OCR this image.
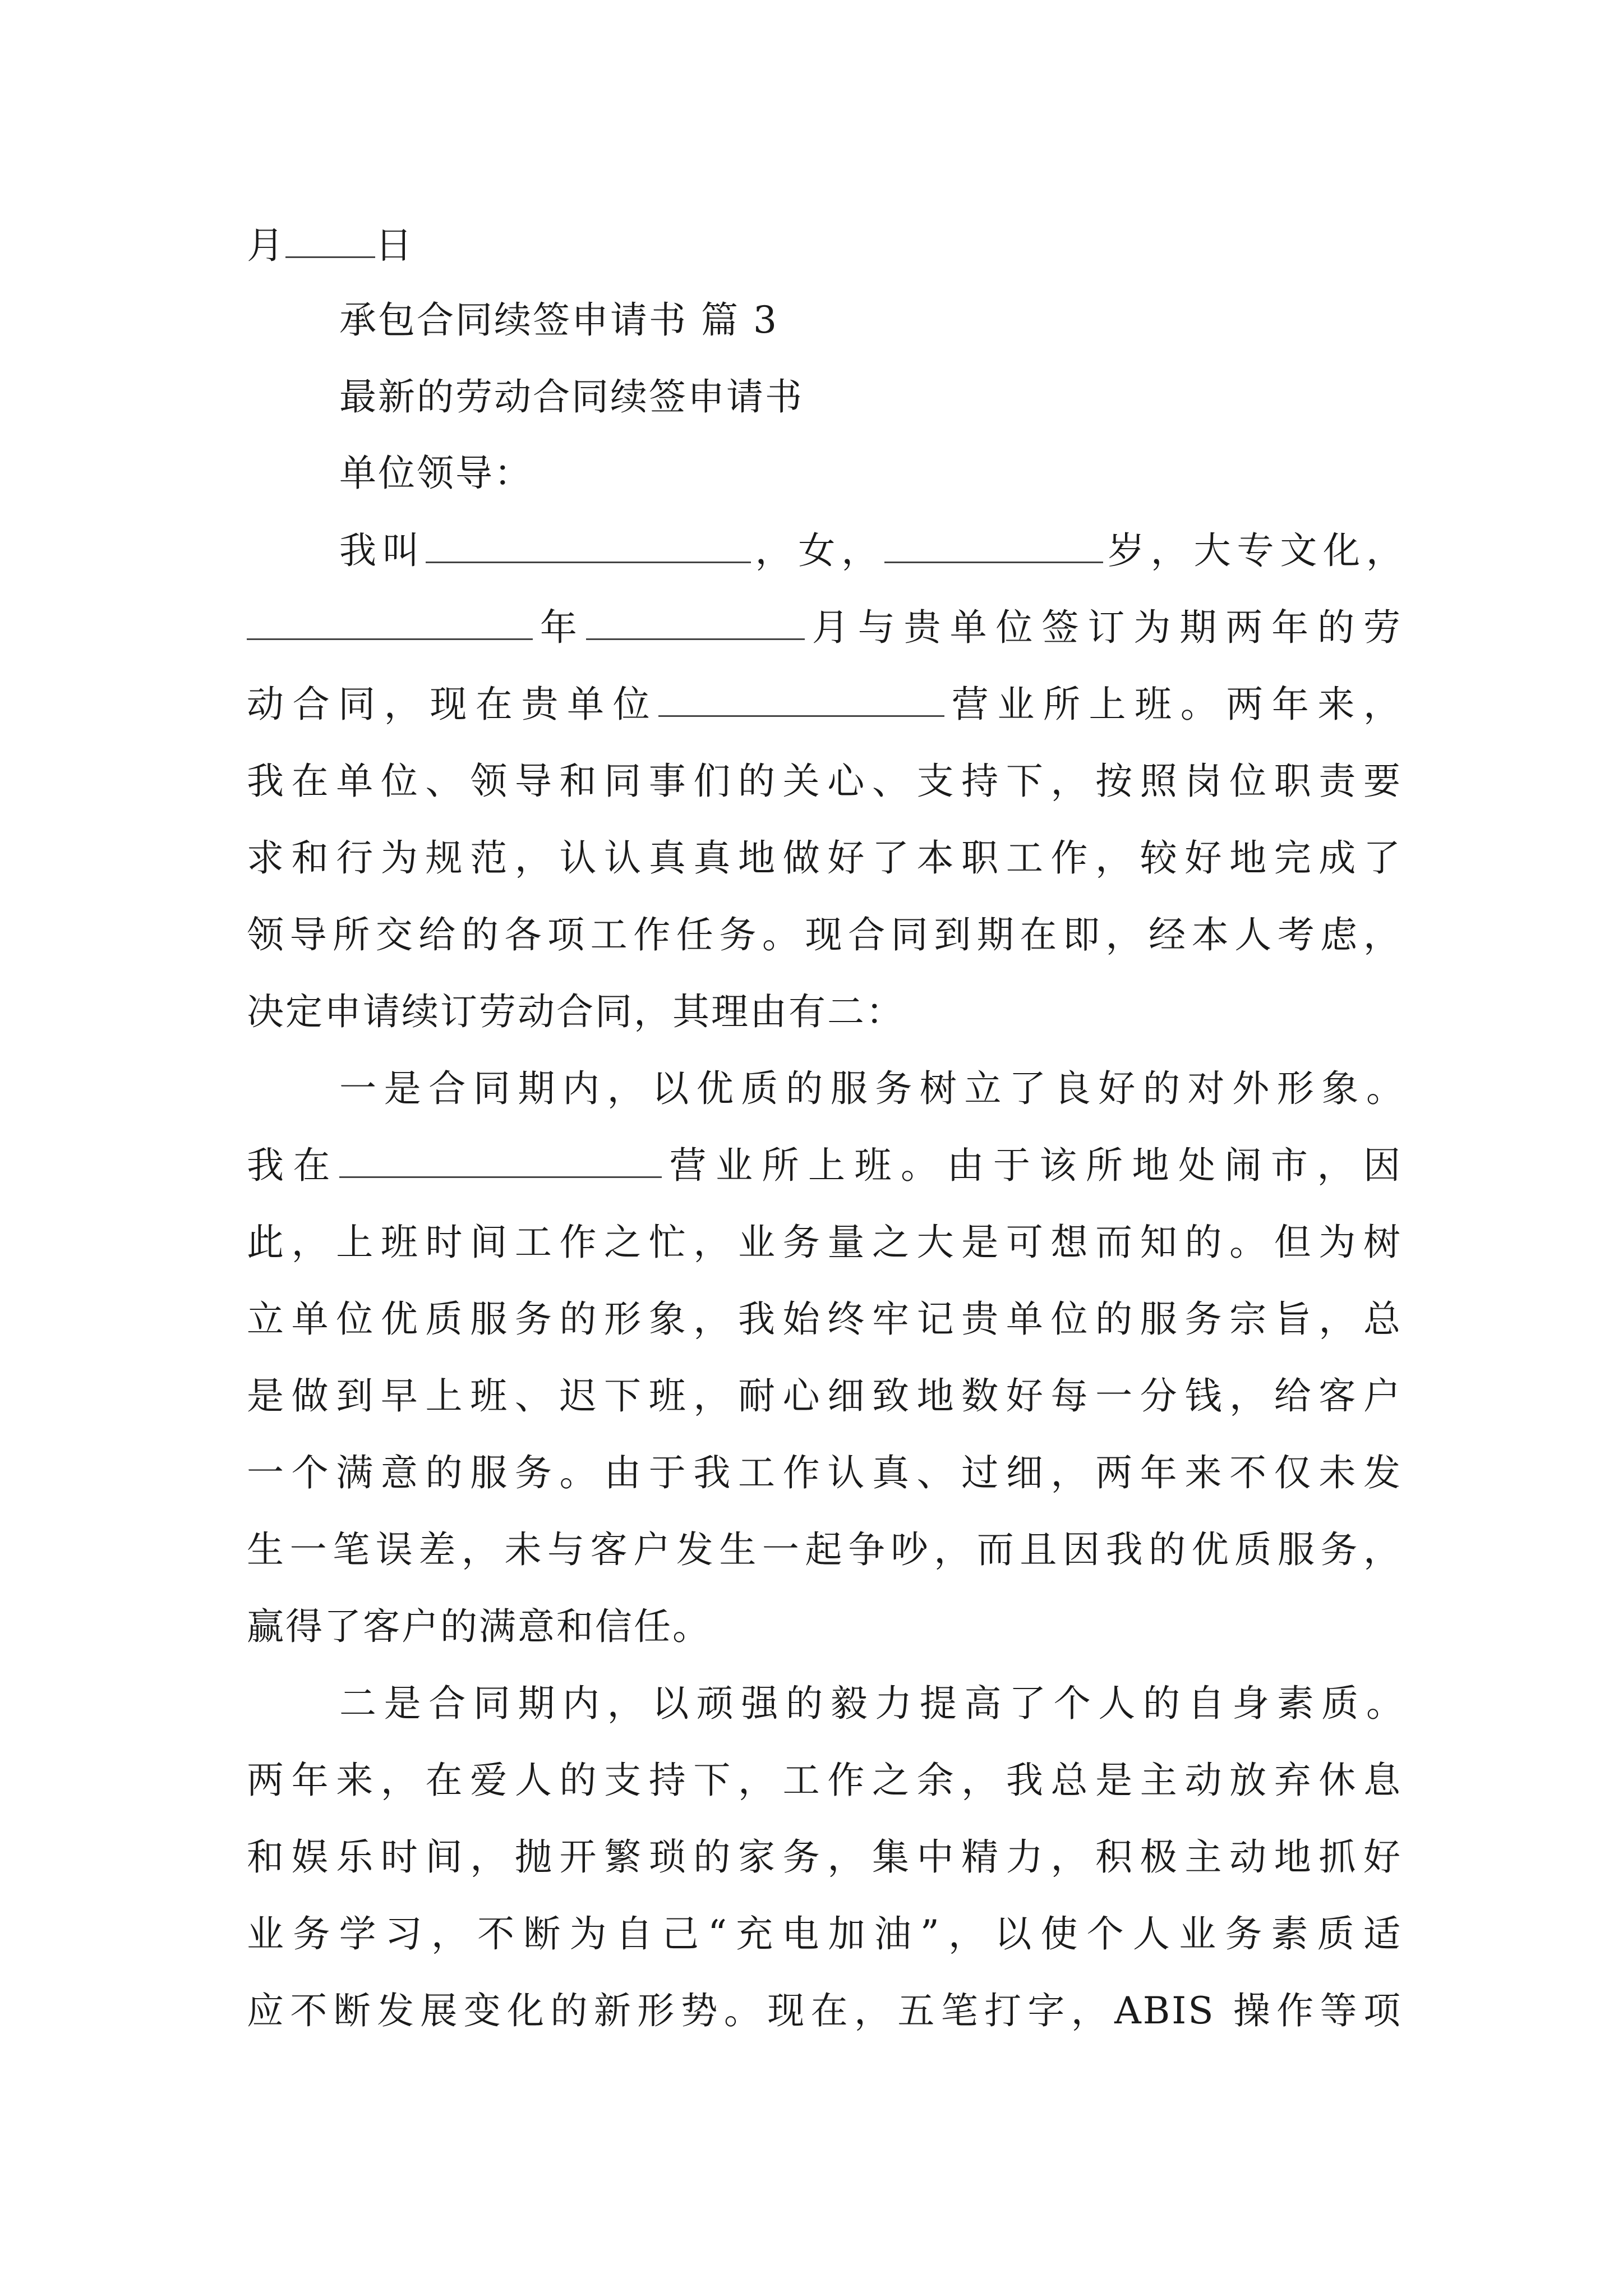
月 日
承包合同续签申请书 篇 3
最新的劳动合同续签申请书
单位领导：
我叫	，女，	岁，大专文化，
年	月与贵单位签订为期两年的劳
动合同，现在贵单位	营业所上班。两年来，
我在单位、领导和同事们的关心、支持下，按照岗位职责要
求和行为规范，认认真真地做好了本职工作，较好地完成了
领导所交给的各项工作任务。现合同到期在即，经本人考虑，
决定申请续订劳动合同，其理由有二：
一是合同期内，以优质的服务树立了良好的对外形象。
我在	营业所上班。由于该所地处闹市，因
此，上班时间工作之忙，业务量之大是可想而知的。但为树
立单位优质服务的形象，我始终牢记贵单位的服务宗旨，总
是做到早上班、迟下班，耐心细致地数好每一分钱，给客户
一个满意的服务。由于我工作认真、过细，两年来不仅未发
生一笔误差，未与客户发生一起争吵，而且因我的优质服务，
赢得了客户的满意和信任。
二是合同期内，以顽强的毅力提高了个人的自身素质。
两年来，在爱人的支持下，工作之余，我总是主动放弃休息
和娱乐时间，抛开繁琐的家务，集中精力，积极主动地抓好
业务学习，不断为自己“充电加油”，以使个人业务素质适
应不断发展变化的新形势。现在，五笔打字，ABIS 操作等项
